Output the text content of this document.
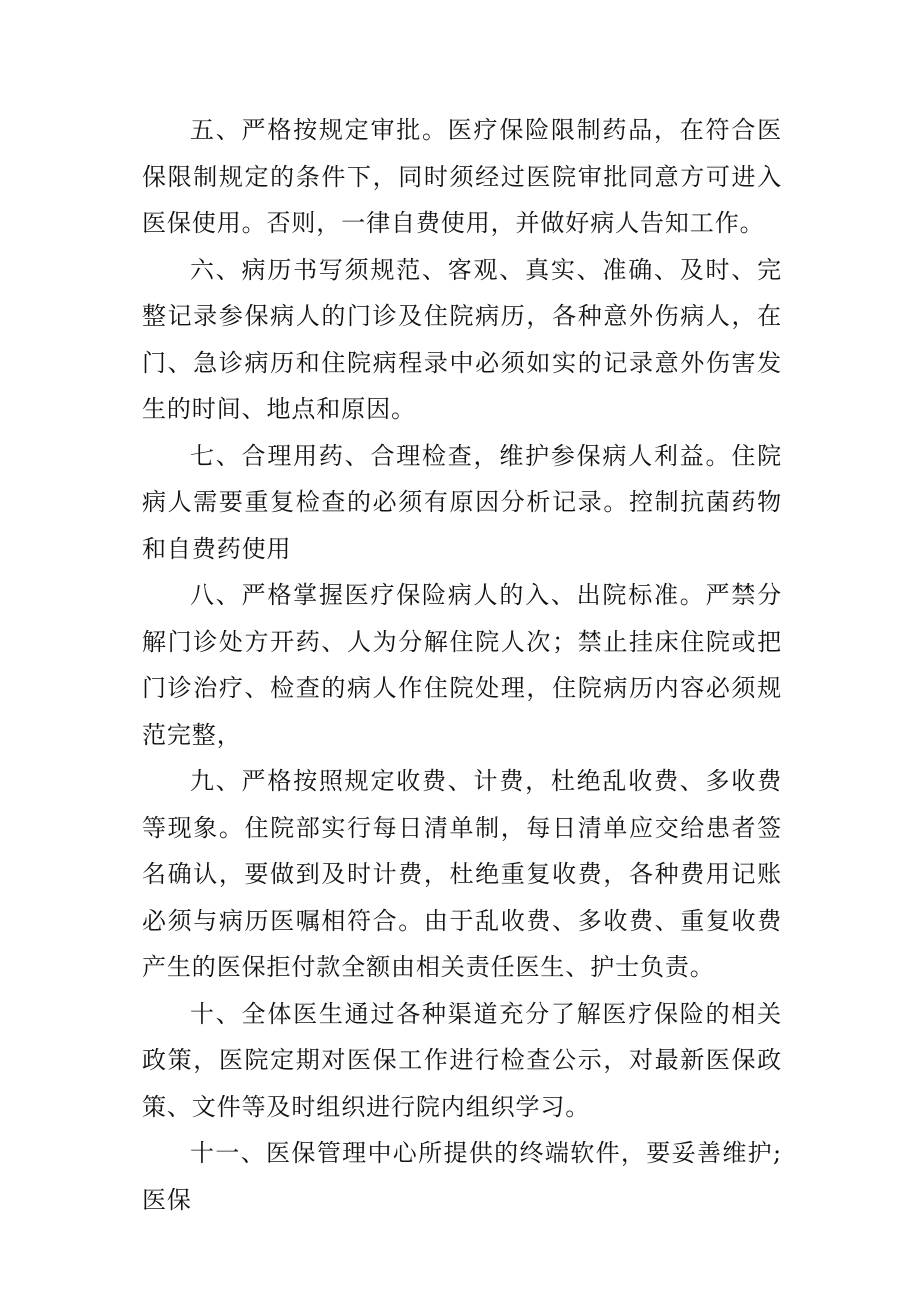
五、严格按规定审批。医疗保险限制药品，在符合医保限制规定的条件下，同时须经过医院审批同意方可进入医保使用。否则，一律自费使用，并做好病人告知工作。

六、病历书写须规范、客观、真实、准确、及时、完整记录参保病人的门诊及住院病历，各种意外伤病人，在门、急诊病历和住院病程录中必须如实的记录意外伤害发生的时间、地点和原因。

七、合理用药、合理检查，维护参保病人利益。住院病人需要重复检查的必须有原因分析记录。控制抗菌药物和自费药使用

八、严格掌握医疗保险病人的入、出院标准。严禁分解门诊处方开药、人为分解住院人次；禁止挂床住院或把门诊治疗、检查的病人作住院处理，住院病历内容必须规范完整，

九、严格按照规定收费、计费，杜绝乱收费、多收费等现象。住院部实行每日清单制，每日清单应交给患者签名确认，要做到及时计费，杜绝重复收费，各种费用记账必须与病历医嘱相符合。由于乱收费、多收费、重复收费产生的医保拒付款全额由相关责任医生、护士负责。

十、全体医生通过各种渠道充分了解医疗保险的相关政策，医院定期对医保工作进行检查公示，对最新医保政策、文件等及时组织进行院内组织学习。

十一、医保管理中心所提供的终端软件，要妥善维护;医保
